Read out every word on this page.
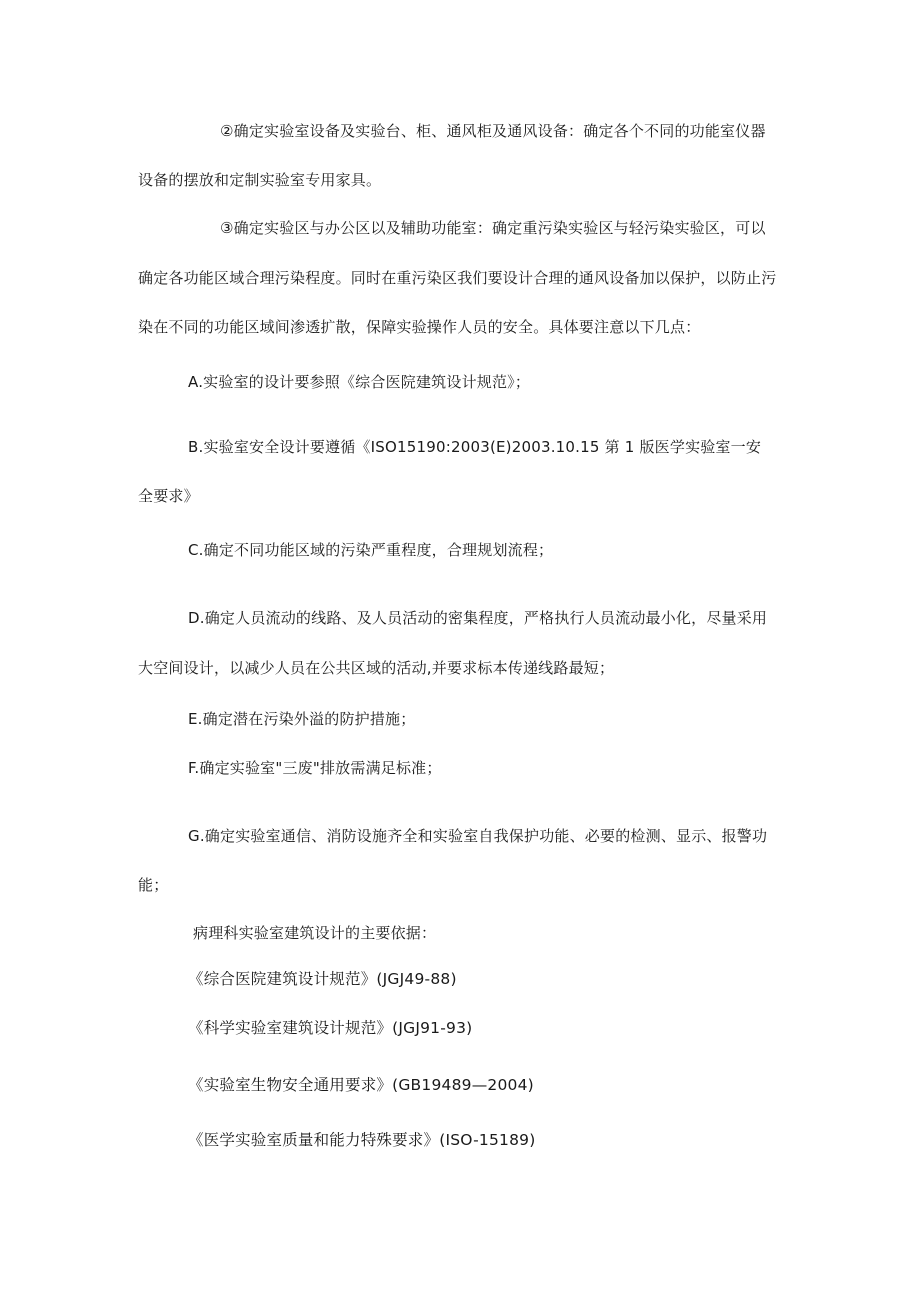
②确定实验室设备及实验台、柜、通风柜及通风设备：确定各个不同的功能室仪器
设备的摆放和定制实验室专用家具。
③确定实验区与办公区以及辅助功能室：确定重污染实验区与轻污染实验区，可以
确定各功能区域合理污染程度。同时在重污染区我们要设计合理的通风设备加以保护，以防止污
染在不同的功能区域间渗透扩散，保障实验操作人员的安全。具体要注意以下几点：
A.实验室的设计要参照《综合医院建筑设计规范》；
B.实验室安全设计要遵循《ISO15190:2003(E)2003.10.15 第 1 版医学实验室一安
全要求》
C.确定不同功能区域的污染严重程度，合理规划流程；
D.确定人员流动的线路、及人员活动的密集程度，严格执行人员流动最小化，尽量采用
大空间设计，以减少人员在公共区域的活动,并要求标本传递线路最短；
E.确定潜在污染外溢的防护措施；
F.确定实验室"三废"排放需满足标准；
G.确定实验室通信、消防设施齐全和实验室自我保护功能、必要的检测、显示、报警功
能；
病理科实验室建筑设计的主要依据：
《综合医院建筑设计规范》(JGJ49-88)
《科学实验室建筑设计规范》(JGJ91-93)
《实验室生物安全通用要求》(GB19489—2004)
《医学实验室质量和能力特殊要求》(ISO-15189)
